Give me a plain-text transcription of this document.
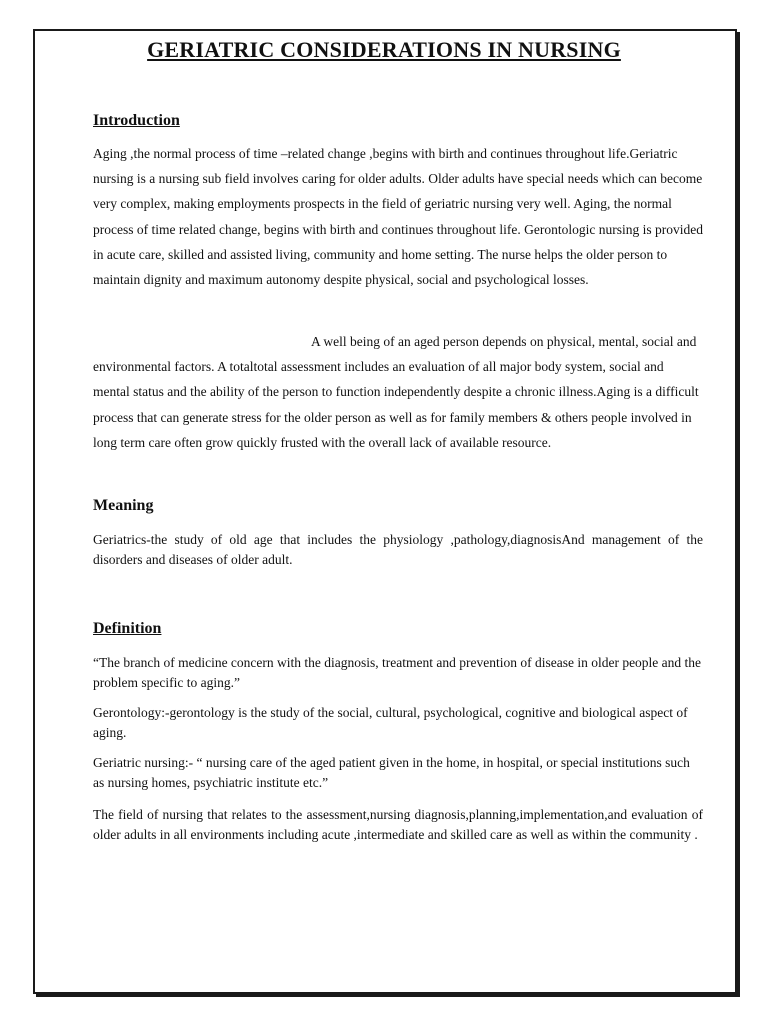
GERIATRIC CONSIDERATIONS IN NURSING
Introduction
Aging ,the normal process of time –related change ,begins with birth and continues throughout life.Geriatric nursing is a nursing sub field involves caring for older adults. Older adults have special needs which can become very complex, making employments prospects in the field of geriatric nursing very well. Aging, the normal process of time related change, begins with birth and continues throughout life. Gerontologic nursing is provided in acute care, skilled and assisted living, community and home setting. The nurse helps the older person to maintain dignity and maximum autonomy despite physical, social and psychological losses.
A well being of an aged person depends on physical, mental, social and environmental factors. A totaltotal assessment includes an evaluation of all major body system, social and mental status and the ability of the person to function independently despite a chronic illness.Aging is a difficult process that can generate stress for the older person as well as for family members & others people involved in long term care often grow quickly frusted with the overall lack of available resource.
Meaning
Geriatrics-the study of old age that includes the physiology ,pathology,diagnosisAnd management of the disorders and diseases of older adult.
Definition
“The branch of medicine concern with the diagnosis, treatment and prevention of disease in older people and the problem specific to aging.”
Gerontology:-gerontology is the study of the social, cultural, psychological, cognitive and biological aspect of aging.
Geriatric nursing:- “ nursing care of the aged patient given in the home, in hospital, or special institutions such as nursing homes, psychiatric institute etc.”
The field of nursing that relates to the assessment,nursing diagnosis,planning,implementation,and evaluation of older adults in all environments including acute ,intermediate and skilled care as well as within the community .
